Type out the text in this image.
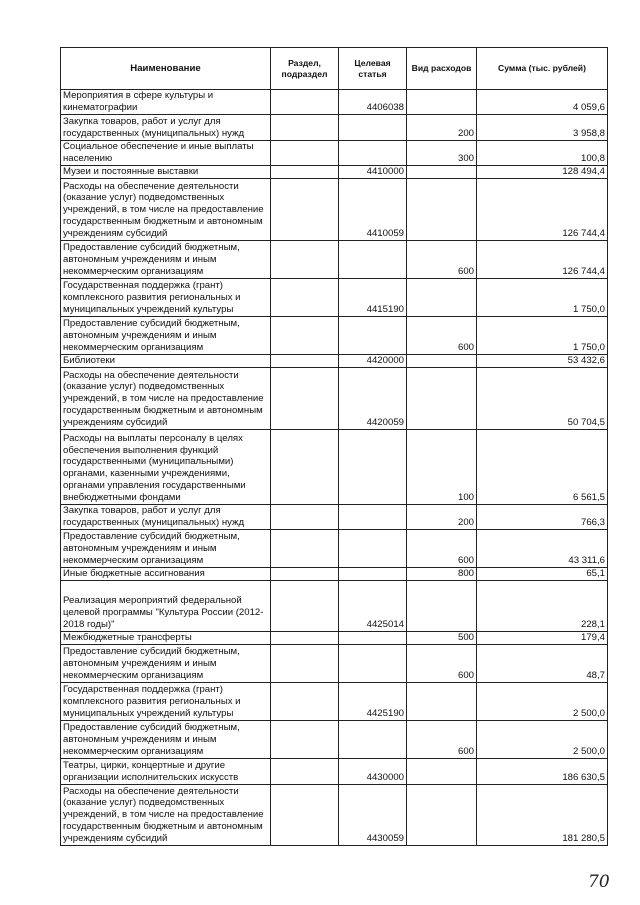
Наименование	Раздел, подраздел	Целевая статья	Вид расходов	Сумма (тыс. рублей)
Мероприятия в сфере культуры и кинематографии		4406038		4 059,6
Закупка товаров, работ и услуг для государственных (муниципальных) нужд			200	3 958,8
Социальное обеспечение и иные выплаты населению			300	100,8
Музеи и постоянные выставки		4410000		128 494,4
Расходы на обеспечение деятельности (оказание услуг) подведомственных учреждений, в том числе на предоставление государственным бюджетным и автономным учреждениям субсидий		4410059		126 744,4
Предоставление субсидий бюджетным, автономным учреждениям и иным некоммерческим организациям			600	126 744,4
Государственная поддержка (грант) комплексного развития региональных и муниципальных учреждений культуры		4415190		1 750,0
Предоставление субсидий бюджетным, автономным учреждениям и иным некоммерческим организациям			600	1 750,0
Библиотеки		4420000		53 432,6
Расходы на обеспечение деятельности (оказание услуг) подведомственных учреждений, в том числе на предоставление государственным бюджетным и автономным учреждениям субсидий		4420059		50 704,5
Расходы на выплаты персоналу в целях обеспечения выполнения функций государственными (муниципальными) органами, казенными учреждениями, органами управления государственными внебюджетными фондами			100	6 561,5
Закупка товаров, работ и услуг для государственных (муниципальных) нужд			200	766,3
Предоставление субсидий бюджетным, автономным учреждениям и иным некоммерческим организациям			600	43 311,6
Иные бюджетные ассигнования			800	65,1
Реализация мероприятий федеральной целевой программы "Культура России (2012-2018 годы)"		4425014		228,1
Межбюджетные трансферты			500	179,4
Предоставление субсидий бюджетным, автономным учреждениям и иным некоммерческим организациям			600	48,7
Государственная поддержка (грант) комплексного развития региональных и муниципальных учреждений культуры		4425190		2 500,0
Предоставление субсидий бюджетным, автономным учреждениям и иным некоммерческим организациям			600	2 500,0
Театры, цирки, концертные и другие организации исполнительских искусств		4430000		186 630,5
Расходы на обеспечение деятельности (оказание услуг) подведомственных учреждений, в том числе на предоставление государственным бюджетным и автономным учреждениям субсидий		4430059		181 280,5
70
